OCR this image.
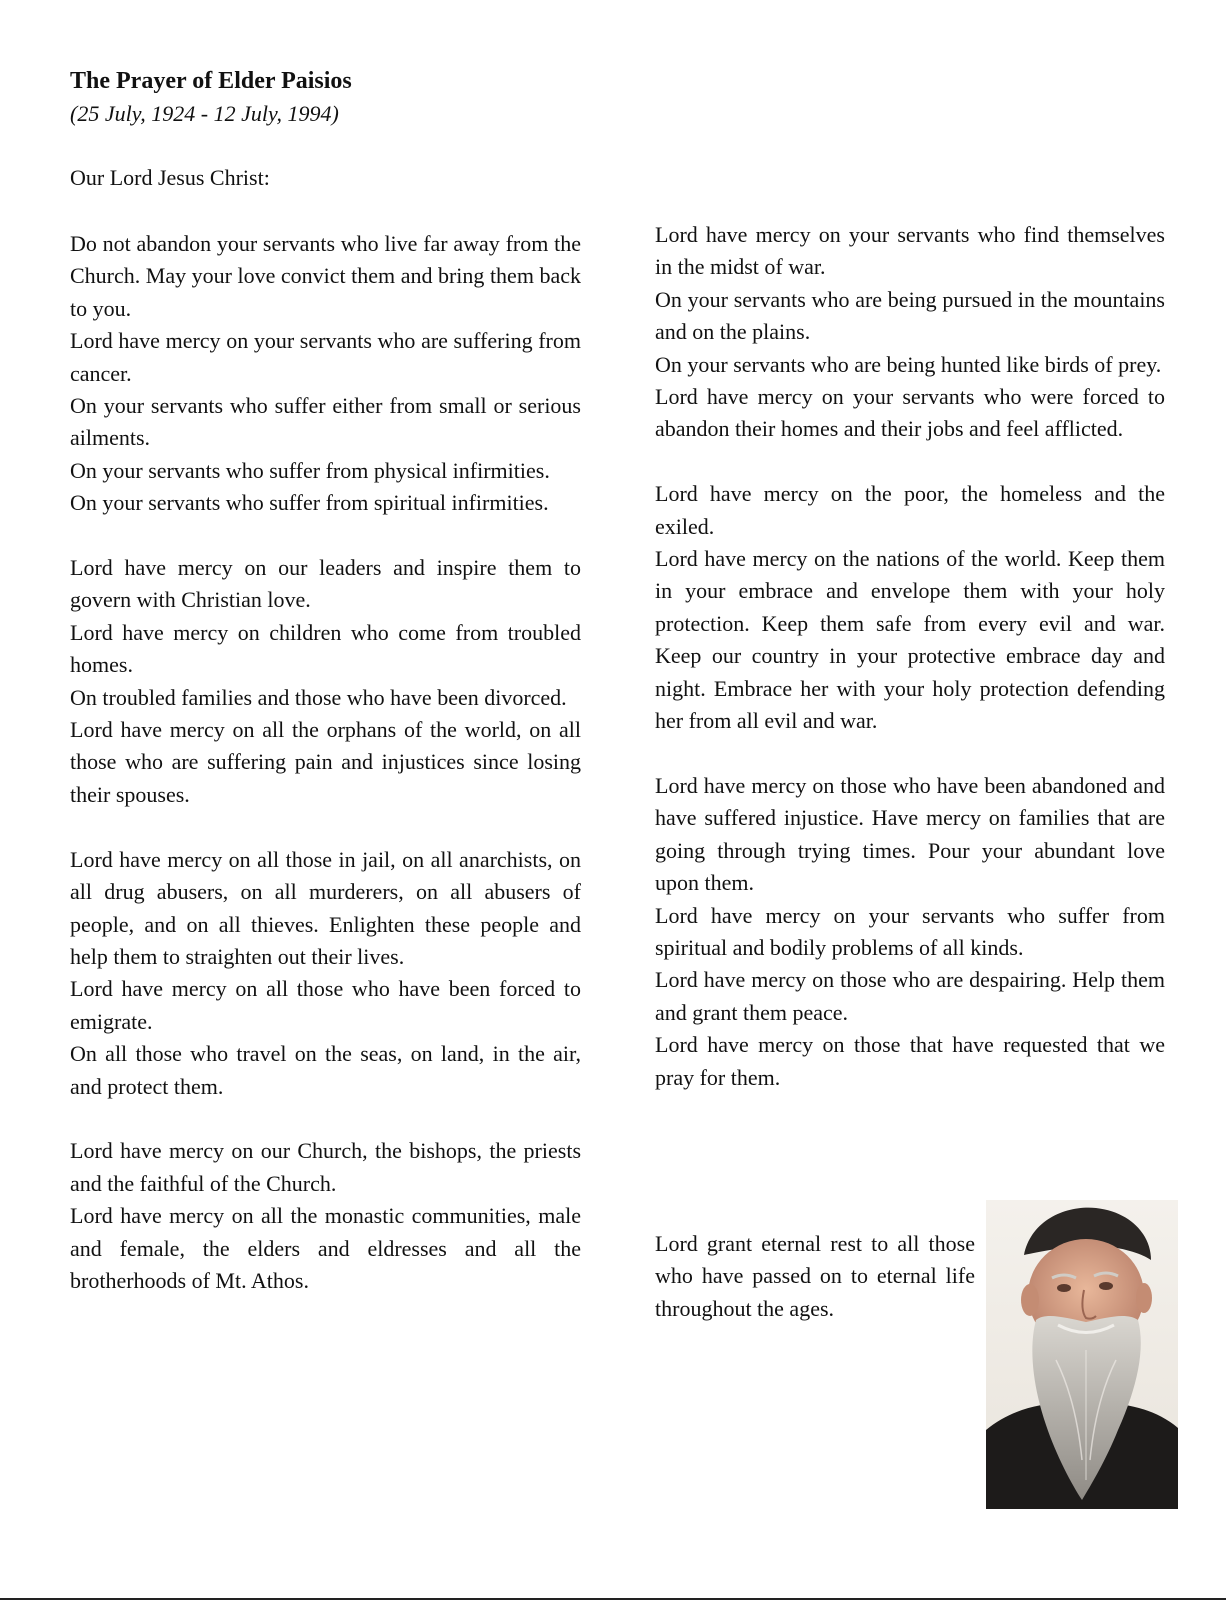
The Prayer of Elder Paisios
(25 July, 1924 - 12 July, 1994)
Our Lord Jesus Christ:

Do not abandon your servants who live far away from the Church. May your love convict them and bring them back to you.
Lord have mercy on your servants who are suffering from cancer.
On your servants who suffer either from small or serious ailments.
On your servants who suffer from physical infirmities.
On your servants who suffer from spiritual infirmities.

Lord have mercy on our leaders and inspire them to govern with Christian love.
Lord have mercy on children who come from troubled homes.
On troubled families and those who have been divorced.
Lord have mercy on all the orphans of the world, on all those who are suffering pain and injustices since losing their spouses.

Lord have mercy on all those in jail, on all anarchists, on all drug abusers, on all murderers, on all abusers of people, and on all thieves. Enlighten these people and help them to straighten out their lives.
Lord have mercy on all those who have been forced to emigrate.
On all those who travel on the seas, on land, in the air, and protect them.

Lord have mercy on our Church, the bishops, the priests and the faithful of the Church.
Lord have mercy on all the monastic communities, male and female, the elders and eldresses and all the brotherhoods of Mt. Athos.

Lord have mercy on your servants who find themselves in the midst of war.
On your servants who are being pursued in the mountains and on the plains.
On your servants who are being hunted like birds of prey.
Lord have mercy on your servants who were forced to abandon their homes and their jobs and feel afflicted.

Lord have mercy on the poor, the homeless and the exiled.
Lord have mercy on the nations of the world. Keep them in your embrace and envelope them with your holy protection. Keep them safe from every evil and war. Keep our country in your protective embrace day and night. Embrace her with your holy protection defending her from all evil and war.

Lord have mercy on those who have been abandoned and have suffered injustice. Have mercy on families that are going through trying times. Pour your abundant love upon them.
Lord have mercy on your servants who suffer from spiritual and bodily problems of all kinds.
Lord have mercy on those who are despairing. Help them and grant them peace.
Lord have mercy on those that have requested that we pray for them.

Lord grant eternal rest to all those who have passed on to eternal life throughout the ages.
